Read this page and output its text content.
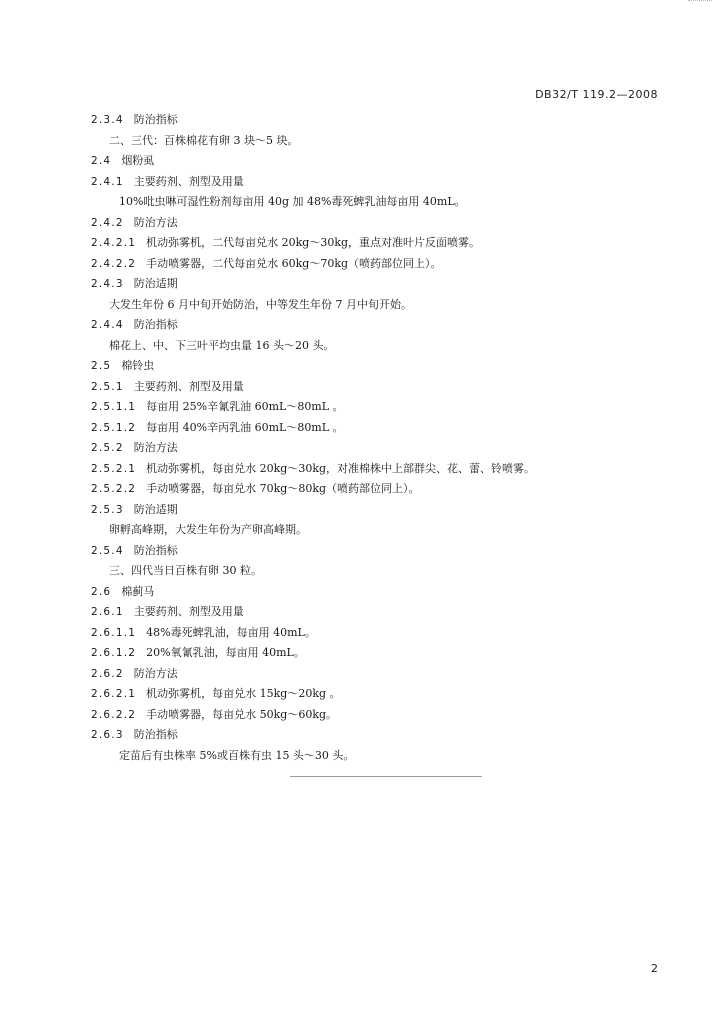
DB32/T 119.2—2008
2.3.4 防治指标
二、三代：百株棉花有卵 3 块～5 块。
2.4 烟粉虱
2.4.1 主要药剂、剂型及用量
10%吡虫啉可湿性粉剂每亩用 40g 加 48%毒死蜱乳油每亩用 40mL。
2.4.2 防治方法
2.4.2.1 机动弥雾机，二代每亩兑水 20kg～30kg，重点对准叶片反面喷雾。
2.4.2.2 手动喷雾器，二代每亩兑水 60kg～70kg（喷药部位同上）。
2.4.3 防治适期
大发生年份 6 月中旬开始防治，中等发生年份 7 月中旬开始。
2.4.4 防治指标
棉花上、中、下三叶平均虫量 16 头～20 头。
2.5 棉铃虫
2.5.1 主要药剂、剂型及用量
2.5.1.1 每亩用 25%辛氰乳油 60mL～80mL 。
2.5.1.2 每亩用 40%辛丙乳油 60mL～80mL 。
2.5.2 防治方法
2.5.2.1 机动弥雾机，每亩兑水 20kg～30kg，对准棉株中上部群尖、花、蕾、铃喷雾。
2.5.2.2 手动喷雾器，每亩兑水 70kg～80kg（喷药部位同上）。
2.5.3 防治适期
卵孵高峰期，大发生年份为产卵高峰期。
2.5.4 防治指标
三、四代当日百株有卵 30 粒。
2.6 棉蓟马
2.6.1 主要药剂、剂型及用量
2.6.1.1 48%毒死蜱乳油，每亩用 40mL。
2.6.1.2 20%氧氰乳油，每亩用 40mL。
2.6.2 防治方法
2.6.2.1 机动弥雾机，每亩兑水 15kg～20kg 。
2.6.2.2 手动喷雾器，每亩兑水 50kg～60kg。
2.6.3 防治指标
定苗后有虫株率 5%或百株有虫 15 头～30 头。
2
